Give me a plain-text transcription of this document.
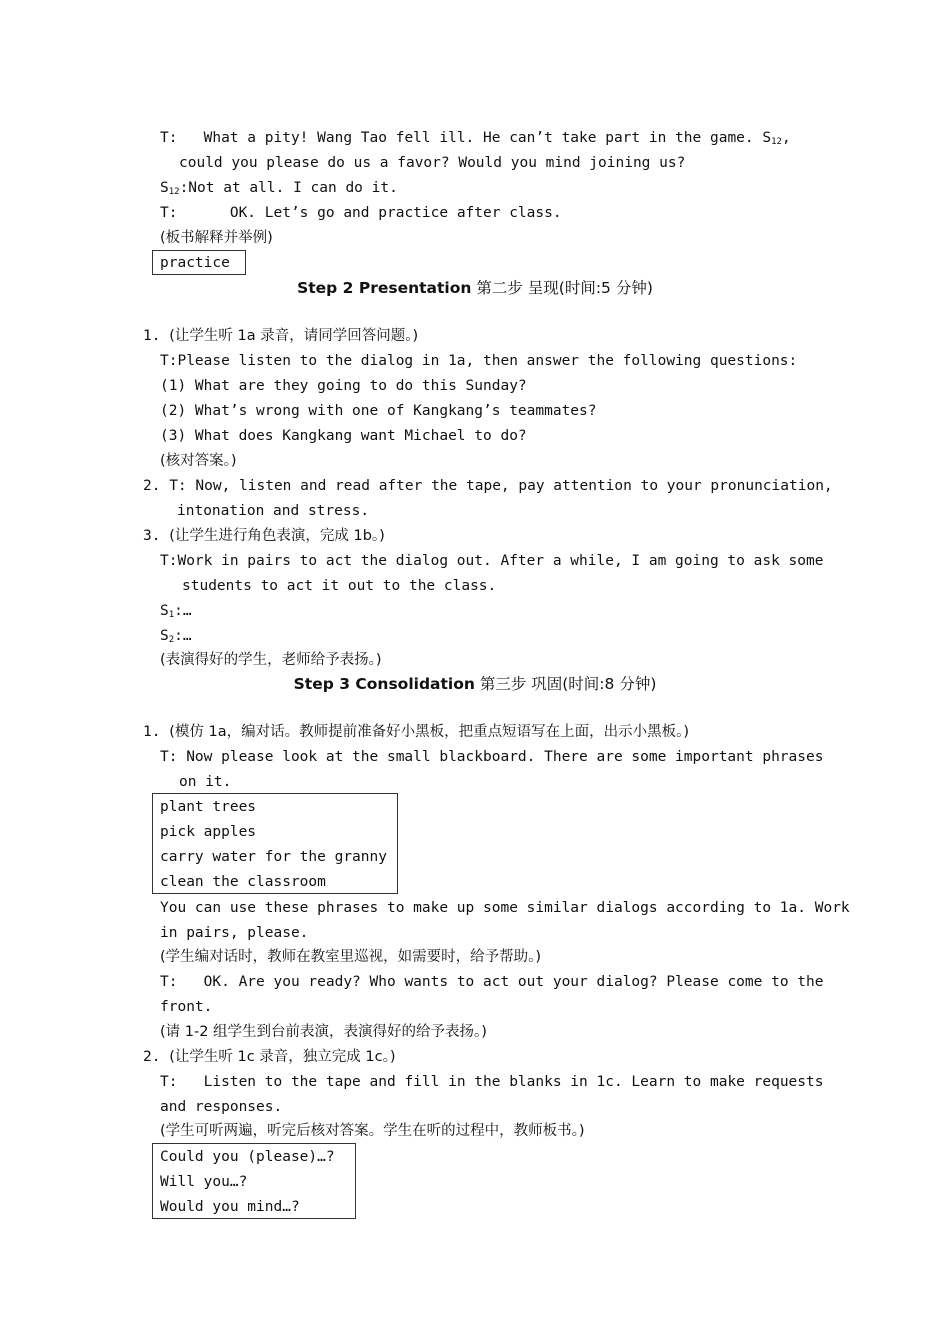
T:   What a pity! Wang Tao fell ill. He can’t take part in the game. $S_{12}$,
could you please do us a favor? Would you mind joining us?
$S_{12}:Not$ at all. I can do it.
T:      OK. Let’s go and practice after class.
(板书解释并举例)
practice
Step 2 Presentation 第二步 呈现(时间:5 分钟)
1. (让学生听 1a 录音，请同学回答问题。)
T:Please listen to the dialog in 1a, then answer the following questions:
(1) What are they going to do this Sunday?
(2) What’s wrong with one of Kangkang’s teammates?
(3) What does Kangkang want Michael to do?
(核对答案。)
2. T: Now, listen and read after the tape, pay attention to your pronunciation,
intonation and stress.
3. (让学生进行角色表演，完成 1b。)
T:Work in pairs to act the dialog out. After a while, I am going to ask some
students to act it out to the class.
$S_1:\dots$
$S_2:\dots$
(表演得好的学生，老师给予表扬。)
Step 3 Consolidation 第三步 巩固(时间:8 分钟)
1. (模仿 1a，编对话。教师提前准备好小黑板，把重点短语写在上面，出示小黑板。)
T: Now please look at the small blackboard. There are some important phrases
on it.
plant trees
pick apples
carry water for the granny
clean the classroom
You can use these phrases to make up some similar dialogs according to 1a. Work
in pairs, please.
(学生编对话时，教师在教室里巡视，如需要时，给予帮助。)
T:   OK. Are you ready? Who wants to act out your dialog? Please come to the
front.
(请 1-2 组学生到台前表演，表演得好的给予表扬。)
2. (让学生听 1c 录音，独立完成 1c。)
T:   Listen to the tape and fill in the blanks in 1c. Learn to make requests
and responses.
(学生可听两遍，听完后核对答案。学生在听的过程中，教师板书。)
Could you (please)…?
Will you…?
Would you mind…?
